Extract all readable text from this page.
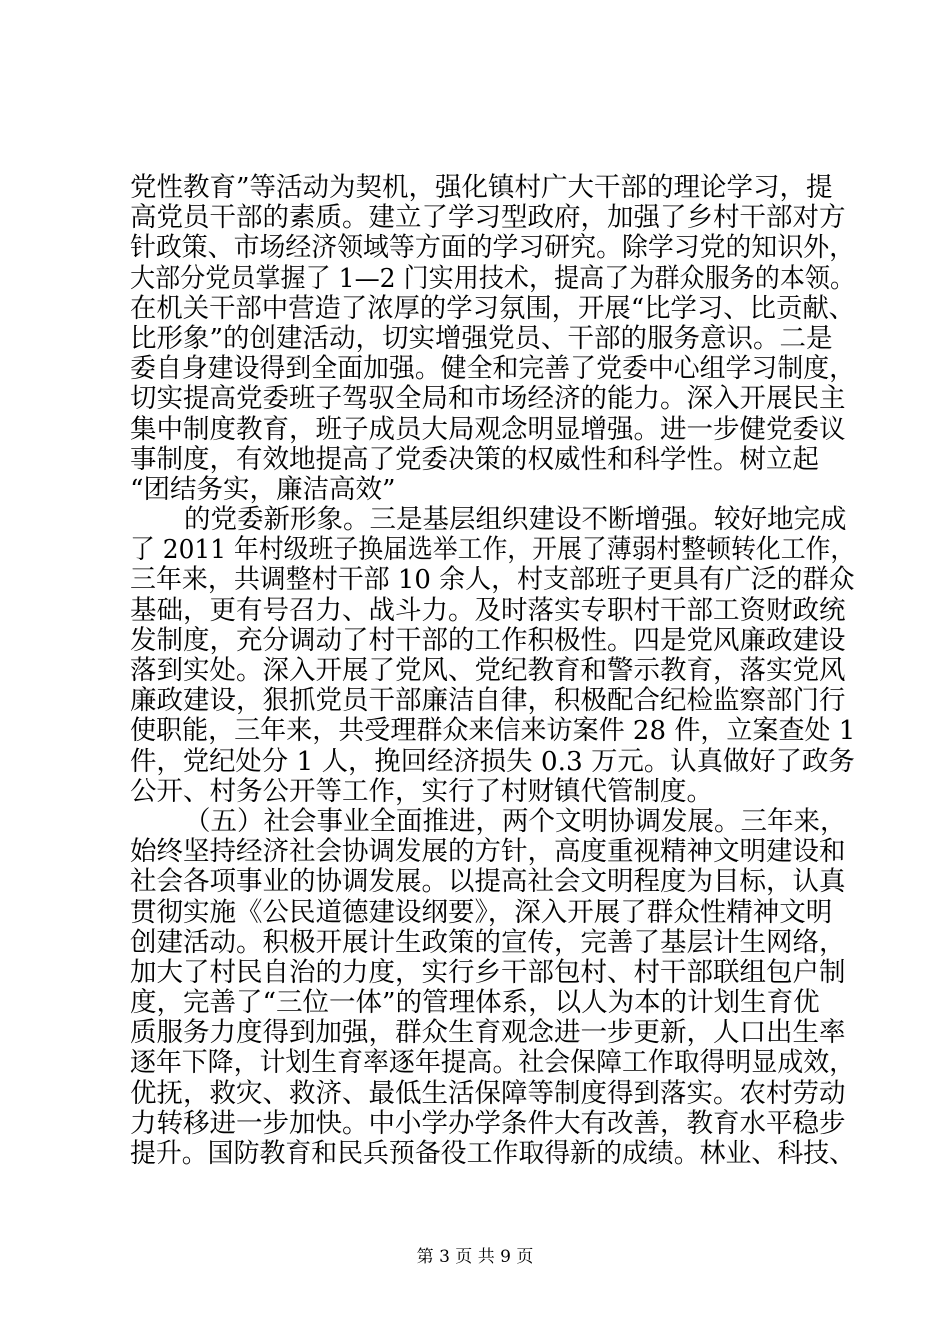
党性教育”等活动为契机，强化镇村广大干部的理论学习，提
高党员干部的素质。建立了学习型政府，加强了乡村干部对方
针政策、市场经济领域等方面的学习研究。除学习党的知识外，
大部分党员掌握了 1—2 门实用技术，提高了为群众服务的本领。
在机关干部中营造了浓厚的学习氛围，开展“比学习、比贡献、
比形象”的创建活动，切实增强党员、干部的服务意识。二是
委自身建设得到全面加强。健全和完善了党委中心组学习制度，
切实提高党委班子驾驭全局和市场经济的能力。深入开展民主
集中制度教育，班子成员大局观念明显增强。进一步健党委议
事制度，有效地提高了党委决策的权威性和科学性。树立起
“团结务实，廉洁高效”
的党委新形象。三是基层组织建设不断增强。较好地完成
了 2011 年村级班子换届选举工作，开展了薄弱村整顿转化工作，
三年来，共调整村干部 10 余人，村支部班子更具有广泛的群众
基础，更有号召力、战斗力。及时落实专职村干部工资财政统
发制度，充分调动了村干部的工作积极性。四是党风廉政建设
落到实处。深入开展了党风、党纪教育和警示教育，落实党风
廉政建设，狠抓党员干部廉洁自律，积极配合纪检监察部门行
使职能，三年来，共受理群众来信来访案件 28 件，立案查处 1
件，党纪处分 1 人，挽回经济损失 0.3 万元。认真做好了政务
公开、村务公开等工作，实行了村财镇代管制度。
（五）社会事业全面推进，两个文明协调发展。三年来，
始终坚持经济社会协调发展的方针，高度重视精神文明建设和
社会各项事业的协调发展。以提高社会文明程度为目标，认真
贯彻实施《公民道德建设纲要》，深入开展了群众性精神文明
创建活动。积极开展计生政策的宣传，完善了基层计生网络，
加大了村民自治的力度，实行乡干部包村、村干部联组包户制
度，完善了“三位一体”的管理体系，以人为本的计划生育优
质服务力度得到加强，群众生育观念进一步更新，人口出生率
逐年下降，计划生育率逐年提高。社会保障工作取得明显成效，
优抚，救灾、救济、最低生活保障等制度得到落实。农村劳动
力转移进一步加快。中小学办学条件大有改善，教育水平稳步
提升。国防教育和民兵预备役工作取得新的成绩。林业、科技、
第 3 页 共 9 页
